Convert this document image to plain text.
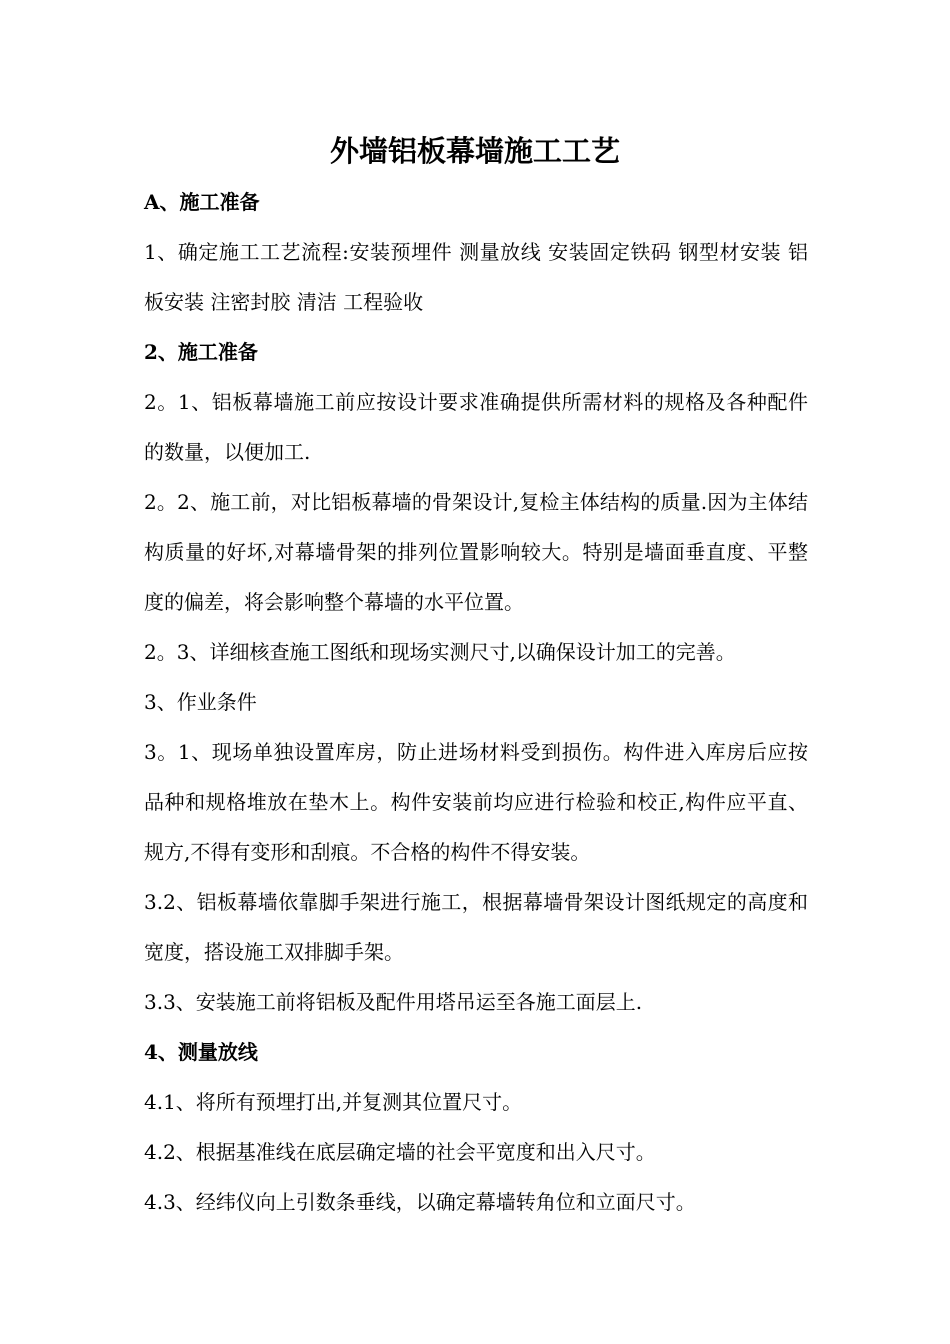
外墙铝板幕墙施工工艺

A、施工准备

1、确定施工工艺流程:安装预埋件 测量放线 安装固定铁码 钢型材安装 铝板安装 注密封胶 清洁 工程验收

2、施工准备

2。1、铝板幕墙施工前应按设计要求准确提供所需材料的规格及各种配件的数量，以便加工.

2。2、施工前，对比铝板幕墙的骨架设计,复检主体结构的质量.因为主体结构质量的好坏,对幕墙骨架的排列位置影响较大。特别是墙面垂直度、平整度的偏差，将会影响整个幕墙的水平位置。

2。3、详细核查施工图纸和现场实测尺寸,以确保设计加工的完善。

3、作业条件

3。1、现场单独设置库房，防止进场材料受到损伤。构件进入库房后应按品种和规格堆放在垫木上。构件安装前均应进行检验和校正,构件应平直、规方,不得有变形和刮痕。不合格的构件不得安装。

3.2、铝板幕墙依靠脚手架进行施工，根据幕墙骨架设计图纸规定的高度和宽度，搭设施工双排脚手架。

3.3、安装施工前将铝板及配件用塔吊运至各施工面层上.

4、测量放线

4.1、将所有预埋打出,并复测其位置尺寸。

4.2、根据基准线在底层确定墙的社会平宽度和出入尺寸。

4.3、经纬仪向上引数条垂线，以确定幕墙转角位和立面尺寸。
